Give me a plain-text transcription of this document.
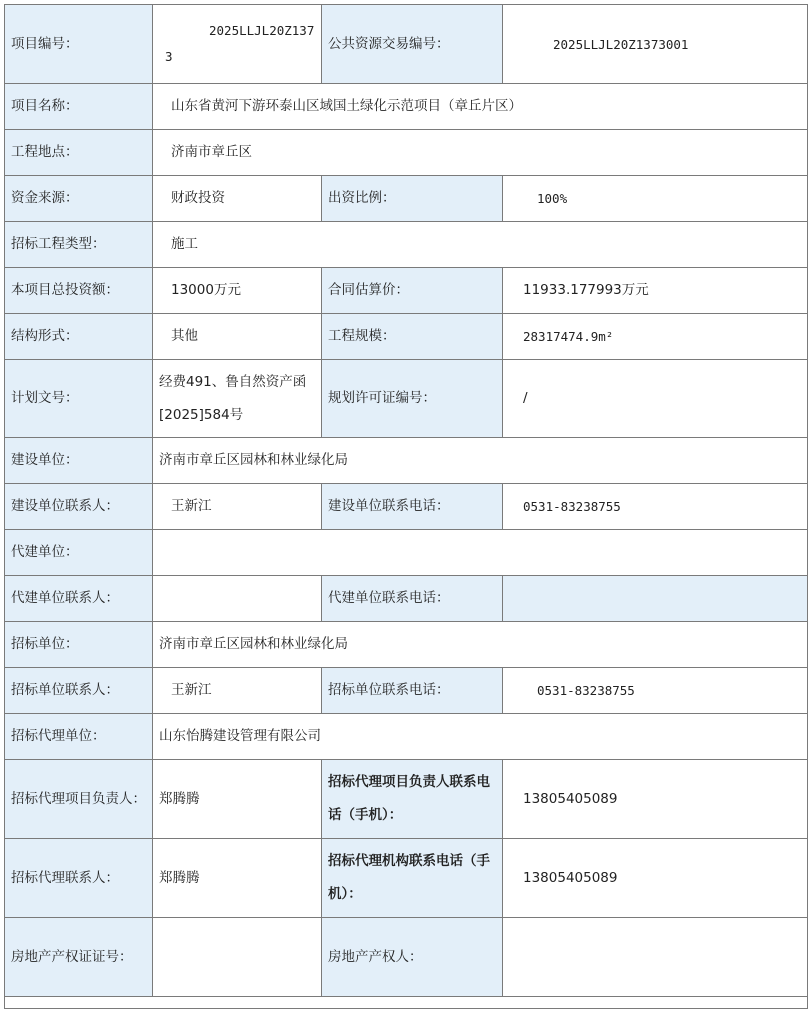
项目编号：	2025LLJL20Z1373	公共资源交易编号：	2025LLJL20Z1373001
项目名称：	山东省黄河下游环泰山区域国土绿化示范项目（章丘片区）		
工程地点：	济南市章丘区		
资金来源：	财政投资	出资比例：	100%
招标工程类型：	施工		
本项目总投资额：	13000万元	合同估算价：	11933.177993万元
结构形式：	其他	工程规模：	28317474.9m²
计划文号：	经费491、鲁自然资产函[2025]584号	规划许可证编号：	/
建设单位：	济南市章丘区园林和林业绿化局		
建设单位联系人：	王新江	建设单位联系电话：	0531-83238755
代建单位：			
代建单位联系人：		代建单位联系电话：	
招标单位：	济南市章丘区园林和林业绿化局		
招标单位联系人：	王新江	招标单位联系电话：	0531-83238755
招标代理单位：	山东怡腾建设管理有限公司		
招标代理项目负责人：	郑腾腾	招标代理项目负责人联系电话（手机）：	13805405089
招标代理联系人：	郑腾腾	招标代理机构联系电话（手机）：	13805405089
房地产产权证证号：		房地产产权人：	
